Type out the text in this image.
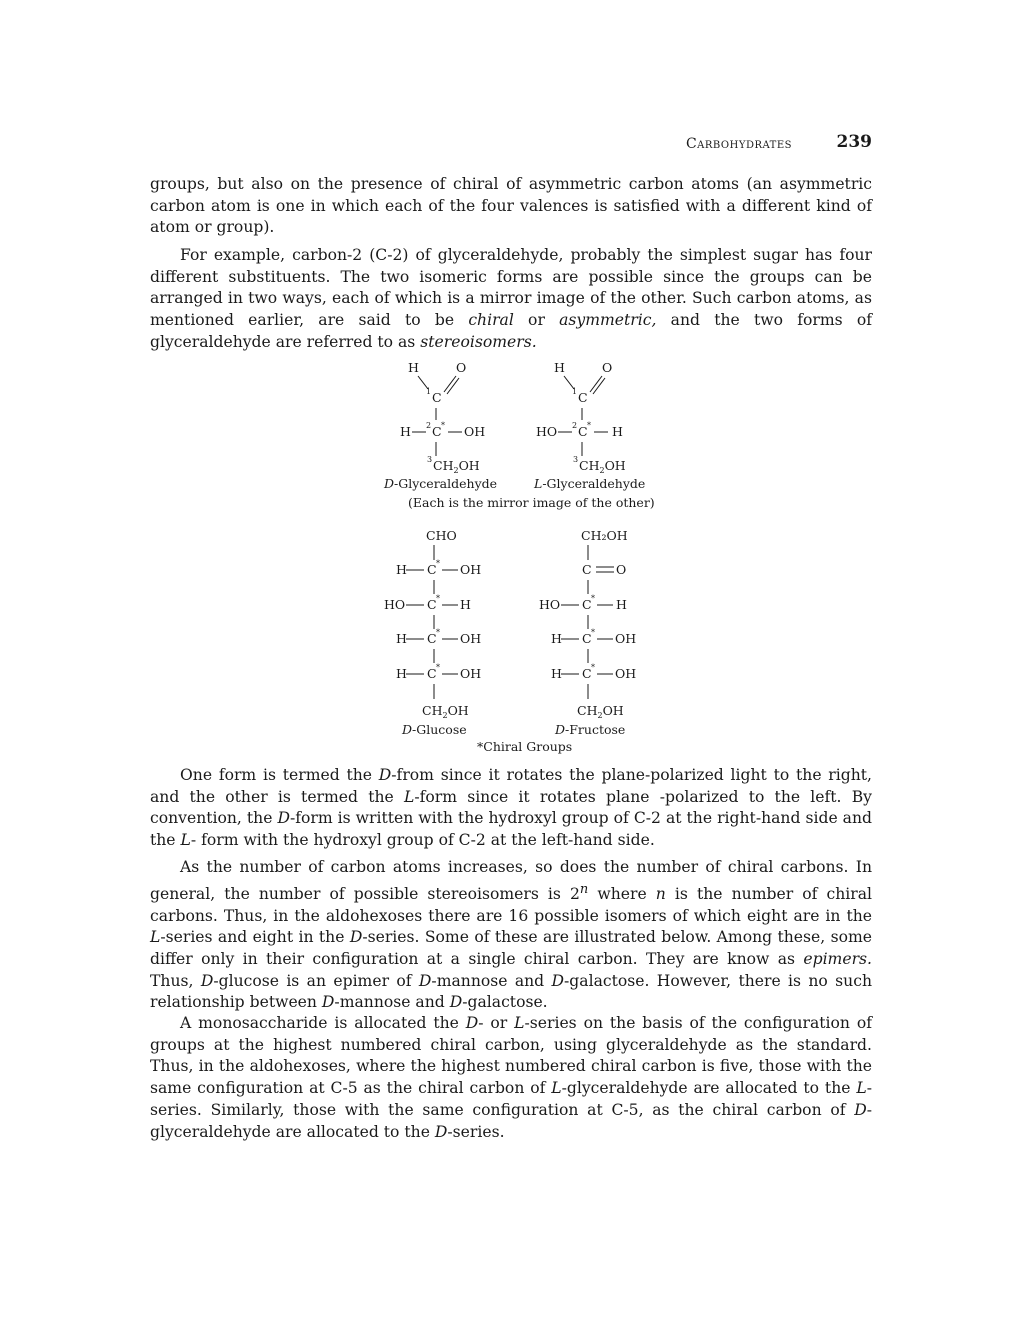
Carbohydrates	239

groups, but also on the presence of chiral of asymmetric carbon atoms (an asymmetric carbon atom is one in which each of the four valences is satisfied with a different kind of atom or group).

For example, carbon-2 (C-2) of glyceraldehyde, probably the simplest sugar has four different substituents. The two isomeric forms are possible since the groups can be arranged in two ways, each of which is a mirror image of the other. Such carbon atoms, as mentioned earlier, are said to be chiral or asymmetric, and the two forms of glyceraldehyde are referred to as stereoisomers.

H	O
1 C
H 2 C * OH
3 $CH_2OH$
D-Glyceraldehyde
H	O
1 C
HO 2 C * H
3 $CH_2OH$
L-Glyceraldehyde
(Each is the mirror image of the other)
CHO
H C * OH
HO C * H
H C * OH
H C * OH
$CH_2OH$
D-Glucose
CH₂OH
C O
HO C * H
H C * OH
H C * OH
$CH_2OH$
D-Fructose
*Chiral Groups

One form is termed the D-from since it rotates the plane-polarized light to the right, and the other is termed the L-form since it rotates plane -polarized to the left. By convention, the D-form is written with the hydroxyl group of C-2 at the right-hand side and the L- form with the hydroxyl group of C-2 at the left-hand side.

As the number of carbon atoms increases, so does the number of chiral carbons. In general, the number of possible stereoisomers is 2$^n$ where n is the number of chiral carbons. Thus, in the aldohexoses there are 16 possible isomers of which eight are in the L-series and eight in the D-series. Some of these are illustrated below. Among these, some differ only in their configuration at a single chiral carbon. They are know as epimers. Thus, D-glucose is an epimer of D-mannose and D-galactose. However, there is no such relationship between D-mannose and D-galactose.

A monosaccharide is allocated the D- or L-series on the basis of the configuration of groups at the highest numbered chiral carbon, using glyceraldehyde as the standard. Thus, in the aldohexoses, where the highest numbered chiral carbon is five, those with the same configuration at C-5 as the chiral carbon of L-glyceraldehyde are allocated to the L-series. Similarly, those with the same configuration at C-5, as the chiral carbon of D-glyceraldehyde are allocated to the D-series.
